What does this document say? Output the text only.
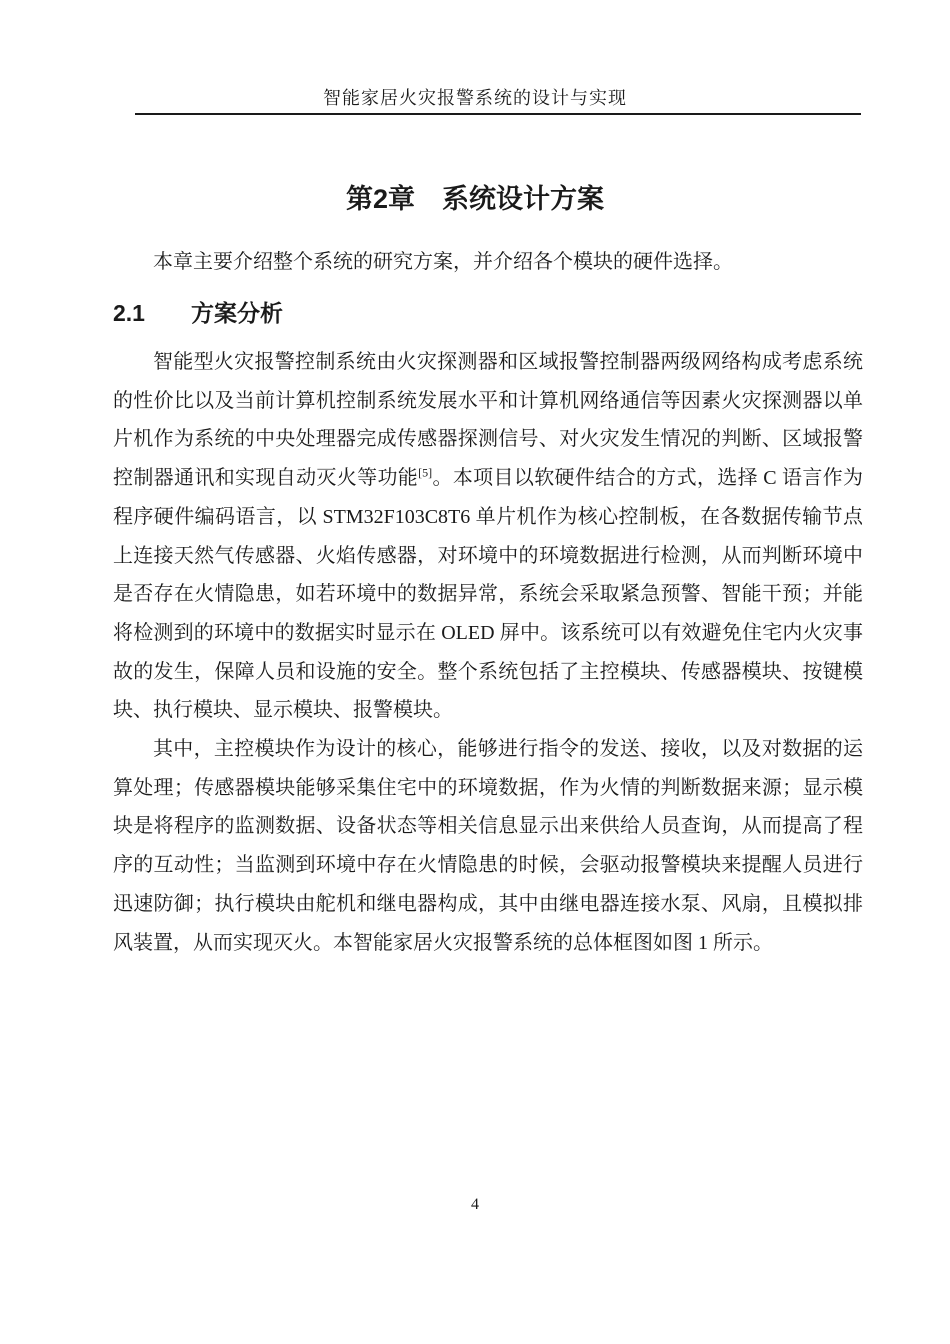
智能家居火灾报警系统的设计与实现
第2章 系统设计方案

本章主要介绍整个系统的研究方案，并介绍各个模块的硬件选择。

2.1 方案分析

智能型火灾报警控制系统由火灾探测器和区域报警控制器两级网络构成考虑系统的性价比以及当前计算机控制系统发展水平和计算机网络通信等因素火灾探测器以单片机作为系统的中央处理器完成传感器探测信号、对火灾发生情况的判断、区域报警控制器通讯和实现自动灭火等功能[5]。本项目以软硬件结合的方式，选择 C 语言作为程序硬件编码语言，以 STM32F103C8T6 单片机作为核心控制板，在各数据传输节点上连接天然气传感器、火焰传感器，对环境中的环境数据进行检测，从而判断环境中是否存在火情隐患，如若环境中的数据异常，系统会采取紧急预警、智能干预；并能将检测到的环境中的数据实时显示在 OLED 屏中。该系统可以有效避免住宅内火灾事故的发生，保障人员和设施的安全。整个系统包括了主控模块、传感器模块、按键模块、执行模块、显示模块、报警模块。

其中，主控模块作为设计的核心，能够进行指令的发送、接收，以及对数据的运算处理；传感器模块能够采集住宅中的环境数据，作为火情的判断数据来源；显示模块是将程序的监测数据、设备状态等相关信息显示出来供给人员查询，从而提高了程序的互动性；当监测到环境中存在火情隐患的时候，会驱动报警模块来提醒人员进行迅速防御；执行模块由舵机和继电器构成，其中由继电器连接水泵、风扇，且模拟排风装置，从而实现灭火。本智能家居火灾报警系统的总体框图如图 1 所示。

4
